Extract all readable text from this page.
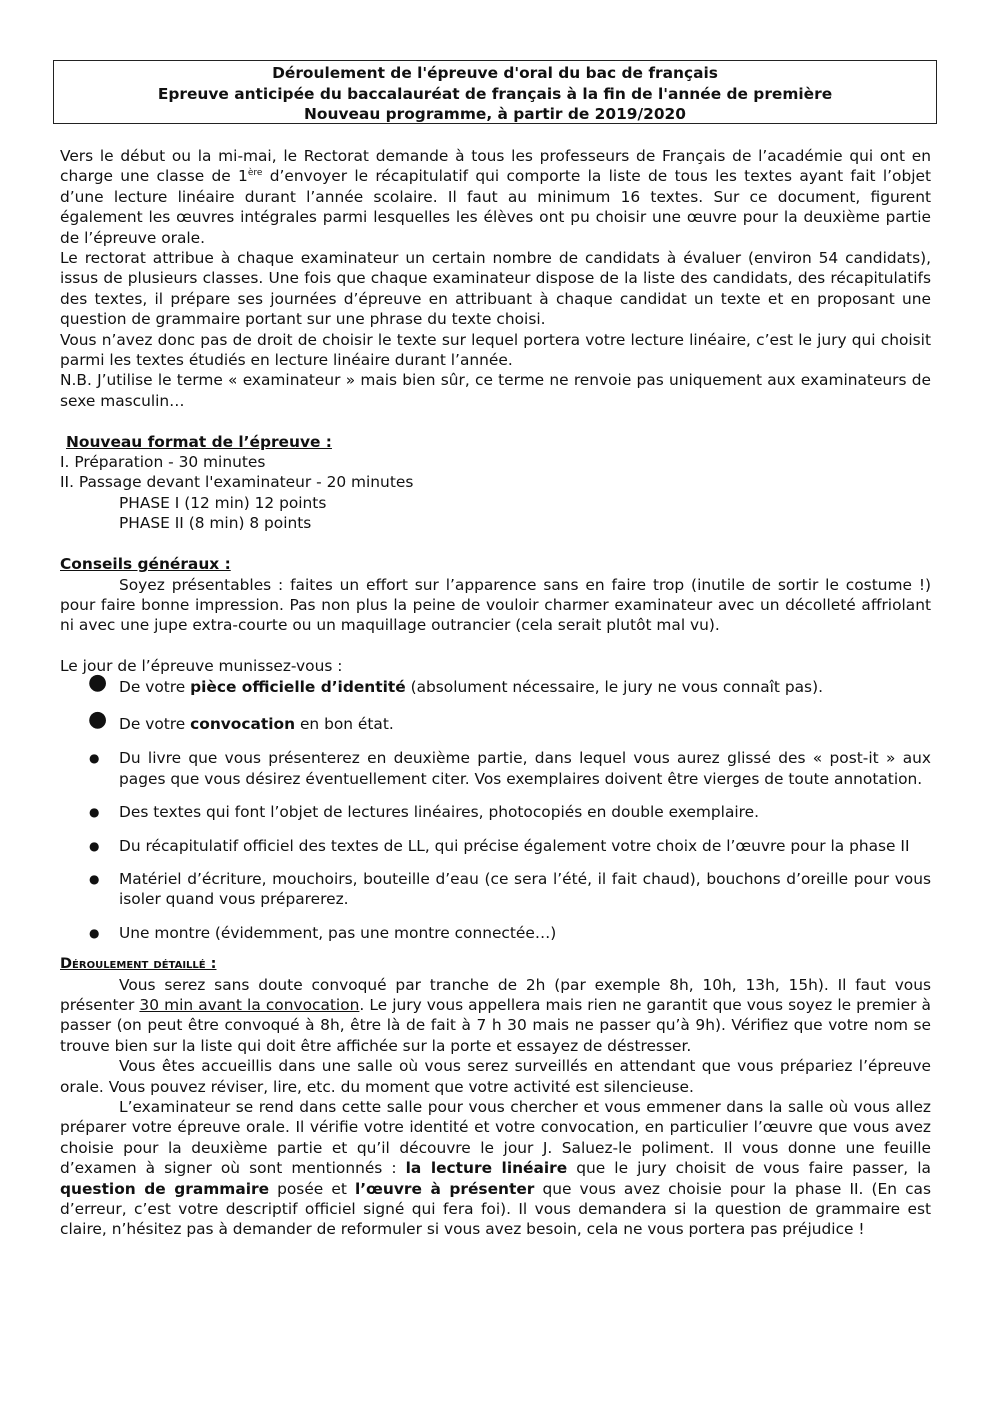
Déroulement de l'épreuve d'oral du bac de français
Epreuve anticipée du baccalauréat de français à la fin de l'année de première
Nouveau programme, à partir de 2019/2020

Vers le début ou la mi-mai, le Rectorat demande à tous les professeurs de Français de l’académie qui ont en charge une classe de 1ère d’envoyer le récapitulatif qui comporte la liste de tous les textes ayant fait l’objet d’une lecture linéaire durant l’année scolaire. Il faut au minimum 16 textes. Sur ce document, figurent également les œuvres intégrales parmi lesquelles les élèves ont pu choisir une œuvre pour la deuxième partie de l’épreuve orale.

Le rectorat attribue à chaque examinateur un certain nombre de candidats à évaluer (environ 54 candidats), issus de plusieurs classes. Une fois que chaque examinateur dispose de la liste des candidats, des récapitulatifs des textes, il prépare ses journées d’épreuve en attribuant à chaque candidat un texte et en proposant une question de grammaire portant sur une phrase du texte choisi.

Vous n’avez donc pas de droit de choisir le texte sur lequel portera votre lecture linéaire, c’est le jury qui choisit parmi les textes étudiés en lecture linéaire durant l’année.

N.B. J’utilise le terme « examinateur » mais bien sûr, ce terme ne renvoie pas uniquement aux examinateurs de sexe masculin…

Nouveau format de l’épreuve :

I. Préparation - 30 minutes

II. Passage devant l'examinateur - 20 minutes

PHASE I (12 min) 12 points

PHASE II (8 min) 8 points

Conseils généraux :

Soyez présentables : faites un effort sur l’apparence sans en faire trop (inutile de sortir le costume !) pour faire bonne impression. Pas non plus la peine de vouloir charmer examinateur avec un décolleté affriolant ni avec une jupe extra-courte ou un maquillage outrancier (cela serait plutôt mal vu).

Le jour de l’épreuve munissez-vous :

● De votre pièce officielle d’identité (absolument nécessaire, le jury ne vous connaît pas).
● De votre convocation en bon état.
● Du livre que vous présenterez en deuxième partie, dans lequel vous aurez glissé des « post-it » aux pages que vous désirez éventuellement citer. Vos exemplaires doivent être vierges de toute annotation.
● Des textes qui font l’objet de lectures linéaires, photocopiés en double exemplaire.
● Du récapitulatif officiel des textes de LL, qui précise également votre choix de l’œuvre pour la phase II
● Matériel d’écriture, mouchoirs, bouteille d’eau (ce sera l’été, il fait chaud), bouchons d’oreille pour vous isoler quand vous préparerez.
● Une montre (évidemment, pas une montre connectée…)

Déroulement détaillé :

Vous serez sans doute convoqué par tranche de 2h (par exemple 8h, 10h, 13h, 15h). Il faut vous présenter 30 min avant la convocation. Le jury vous appellera mais rien ne garantit que vous soyez le premier à passer (on peut être convoqué à 8h, être là de fait à 7 h 30 mais ne passer qu’à 9h). Vérifiez que votre nom se trouve bien sur la liste qui doit être affichée sur la porte et essayez de déstresser.

Vous êtes accueillis dans une salle où vous serez surveillés en attendant que vous prépariez l’épreuve orale. Vous pouvez réviser, lire, etc. du moment que votre activité est silencieuse.

L’examinateur se rend dans cette salle pour vous chercher et vous emmener dans la salle où vous allez préparer votre épreuve orale. Il vérifie votre identité et votre convocation, en particulier l’œuvre que vous avez choisie pour la deuxième partie et qu’il découvre le jour J. Saluez-le poliment. Il vous donne une feuille d’examen à signer où sont mentionnés : la lecture linéaire que le jury choisit de vous faire passer, la question de grammaire posée et l’œuvre à présenter que vous avez choisie pour la phase II. (En cas d’erreur, c’est votre descriptif officiel signé qui fera foi). Il vous demandera si la question de grammaire est claire, n’hésitez pas à demander de reformuler si vous avez besoin, cela ne vous portera pas préjudice !
